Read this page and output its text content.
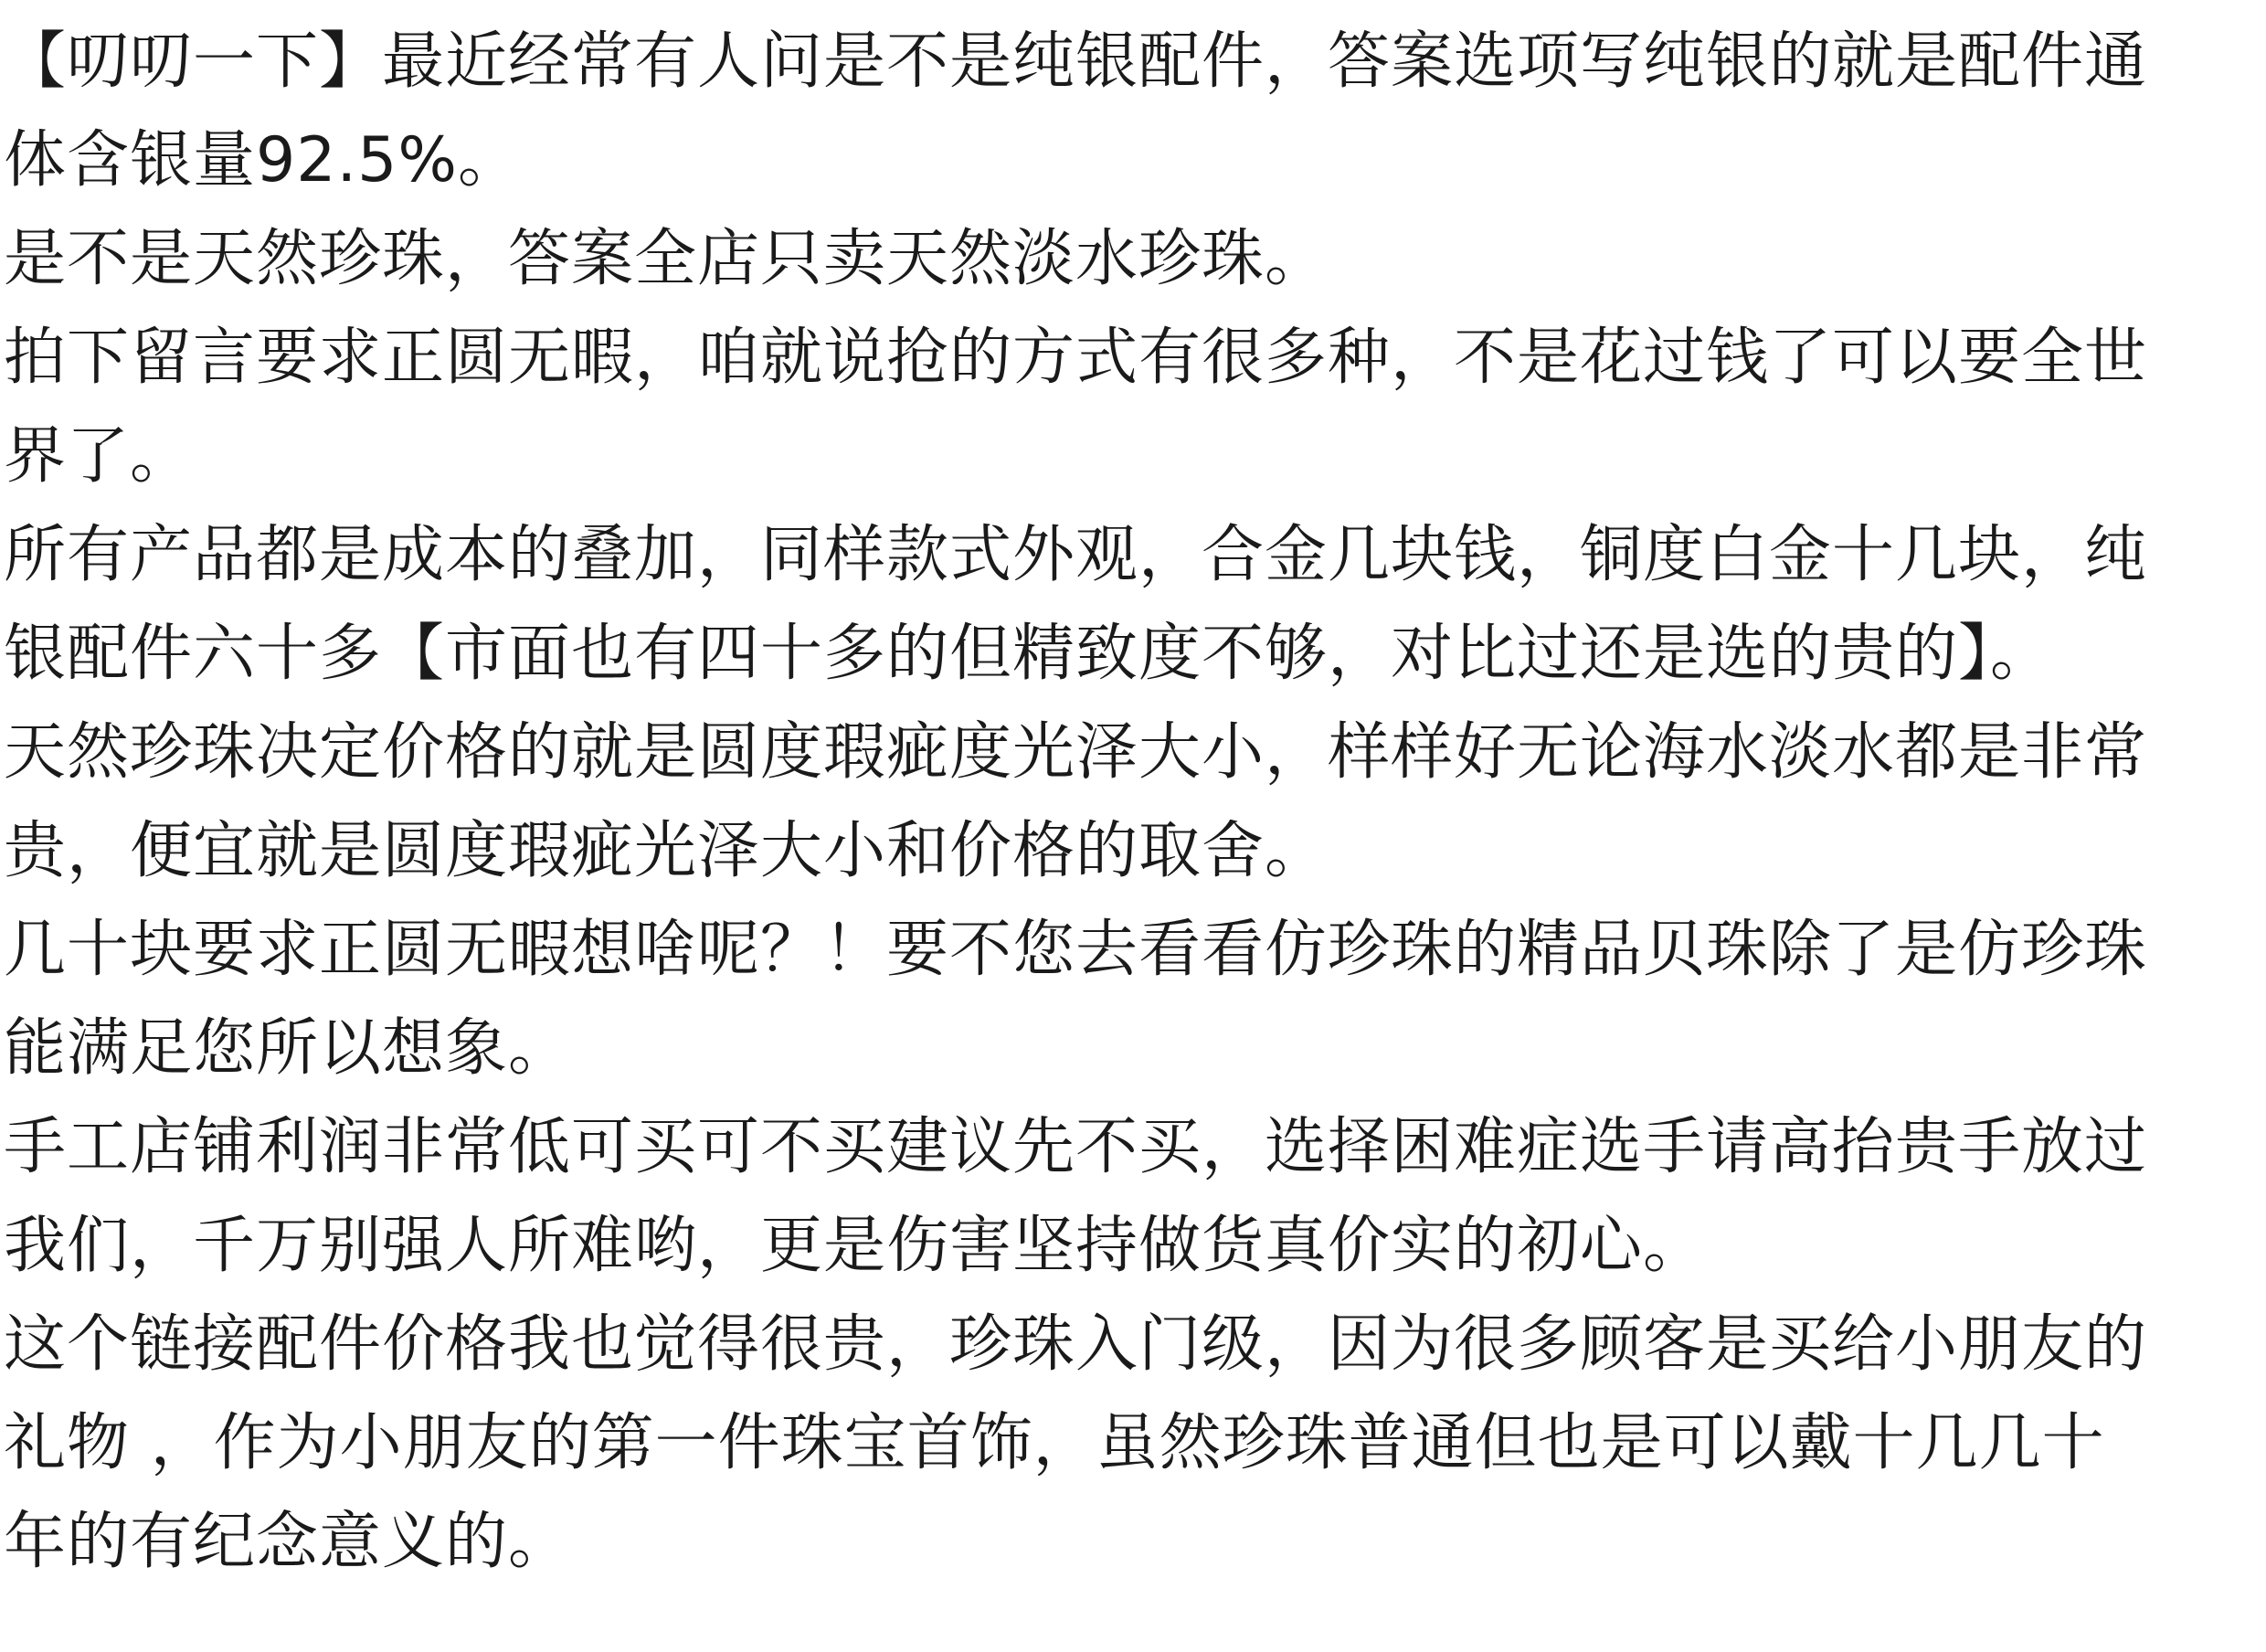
【叨叨一下】最近经常有人问是不是纯银配件，答案选项写纯银的就是配件通
体含银量92.5%。
是不是天然珍珠，答案全店只卖天然淡水珍珠。
拍下留言要求正圆无暇，咱就说抢的方式有很多种，不是花过钱了可以要全世
界了。
所有产品都是成本的叠加，同样款式外观，合金几块钱，铜度白金十几块，纯
银配件六十多【市面也有四十多的但精致度不够，对比过还是选的贵的】。
天然珍珠决定价格的就是圆度瑕疵度光泽大小，样样好无论海水淡水都是非常
贵，便宜就是圆度瑕疵光泽大小和价格的取舍。
几十块要求正圆无暇想啥呢？！要不您去看看仿珍珠的精品贝珠除了是仿珍珠
能满足您所以想象。
手工店铺利润非常低可买可不买建议先不买，选择困难症选手请高抬贵手放过
我们，千万别强人所难哟，更是伤害坚持做货真价实的初心。
这个链接配件价格我也觉得很贵，珍珠入门级，因为很多顾客是买给小朋友的
礼物 ，作为小朋友的第一件珠宝首饰，虽然珍珠普通但也是可以戴十几几十
年的有纪念意义的。
